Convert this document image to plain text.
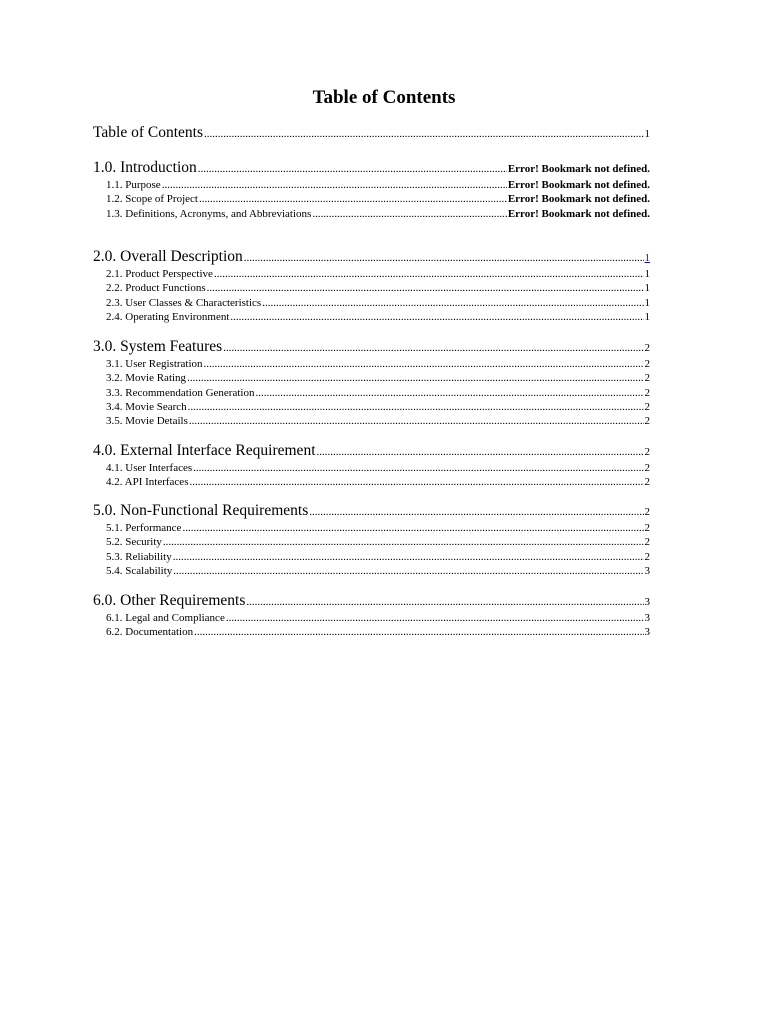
Table of Contents
Table of Contents .....	1
1.0. Introduction .....	Error! Bookmark not defined.
1.1. Purpose .....	Error! Bookmark not defined.
1.2. Scope of Project .....	Error! Bookmark not defined.
1.3. Definitions, Acronyms, and Abbreviations .....	Error! Bookmark not defined.
2.0. Overall Description .....	1
2.1. Product Perspective .....	1
2.2. Product Functions .....	1
2.3. User Classes & Characteristics .....	1
2.4. Operating Environment .....	1
3.0. System Features .....	2
3.1. User Registration .....	2
3.2. Movie Rating .....	2
3.3. Recommendation Generation .....	2
3.4. Movie Search .....	2
3.5. Movie Details .....	2
4.0. External Interface Requirement .....	2
4.1. User Interfaces .....	2
4.2. API Interfaces .....	2
5.0. Non-Functional Requirements .....	2
5.1. Performance .....	2
5.2. Security .....	2
5.3. Reliability .....	2
5.4. Scalability .....	3
6.0. Other Requirements .....	3
6.1. Legal and Compliance .....	3
6.2. Documentation .....	3
